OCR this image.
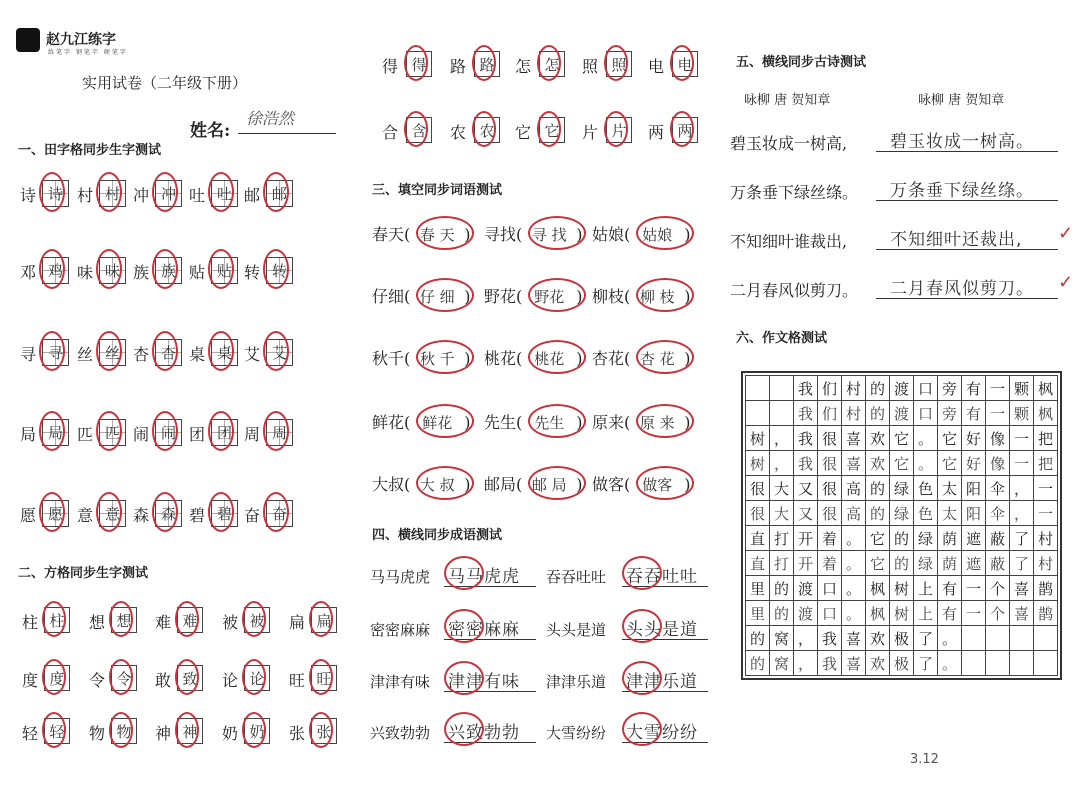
赵九江练字
练笔字 钢笔字 硬笔字
实用试卷（二年级下册）
姓名:
徐浩然
一、田字格同步生字测试
二、方格同步生字测试
三、填空同步词语测试
四、横线同步成语测试
五、横线同步古诗测试
六、作文格测试
咏柳 唐 贺知章	咏柳 唐 贺知章
		我	们	村	的	渡	口	旁	有	一	颗	枫
		我	们	村	的	渡	口	旁	有	一	颗	枫
树	，	我	很	喜	欢	它	。	它	好	像	一	把
树	，	我	很	喜	欢	它	。	它	好	像	一	把
很	大	又	很	高	的	绿	色	太	阳	伞	，	一
很	大	又	很	高	的	绿	色	太	阳	伞	，	一
直	打	开	着	。	它	的	绿	荫	遮	蔽	了	村
直	打	开	着	。	它	的	绿	荫	遮	蔽	了	村
里	的	渡	口	。	枫	树	上	有	一	个	喜	鹊
里	的	渡	口	。	枫	树	上	有	一	个	喜	鹊
的	窝	，	我	喜	欢	极	了	。				
的	窝	，	我	喜	欢	极	了	。				
3.12
诗 诗 村 村 冲 冲 吐 吐 邮 邮
邓 鸡 味 味 族 族 贴 贴 转 转
寻 寻 丝 丝 杏 杏 桌 桌 艾 艾
局 局 匹 匹 闹 闹 团 团 周 周
愿 愿 意 意 森 森 碧 碧 奋 奋
柱 柱 想 想 难 难 被 被 扁 扁
度 度 令 令 敢 致 论 论 旺 旺
轻 轻 物 物 神 神 奶 奶 张 张
得 得 路 路 怎 怎 照 照 电 电
合 含 农 农 它 它 片 片 两 两
春天( 春 天 ) 寻找( 寻 找 ) 姑娘( 姑娘 )
仔细( 仔 细 ) 野花( 野花 ) 柳枝( 柳 枝 )
秋千( 秋 千 ) 桃花( 桃花 ) 杏花( 杏 花 )
鲜花( 鲜花 ) 先生( 先生 ) 原来( 原 来 )
大叔( 大 叔 ) 邮局( 邮 局 ) 做客( 做客 )
马马虎虎 马马虎虎 吞吞吐吐 吞吞吐吐
密密麻麻 密密麻麻 头头是道 头头是道
津津有味 津津有味 津津乐道 津津乐道
兴致勃勃 兴致勃勃 大雪纷纷 大雪纷纷
碧玉妆成一树高,	碧玉妆成一树高。
万条垂下绿丝绦。 万条垂下绿丝绦。
不知细叶谁裁出,	不知细叶还裁出,
二月春风似剪刀。 二月春风似剪刀。
✓
✓
